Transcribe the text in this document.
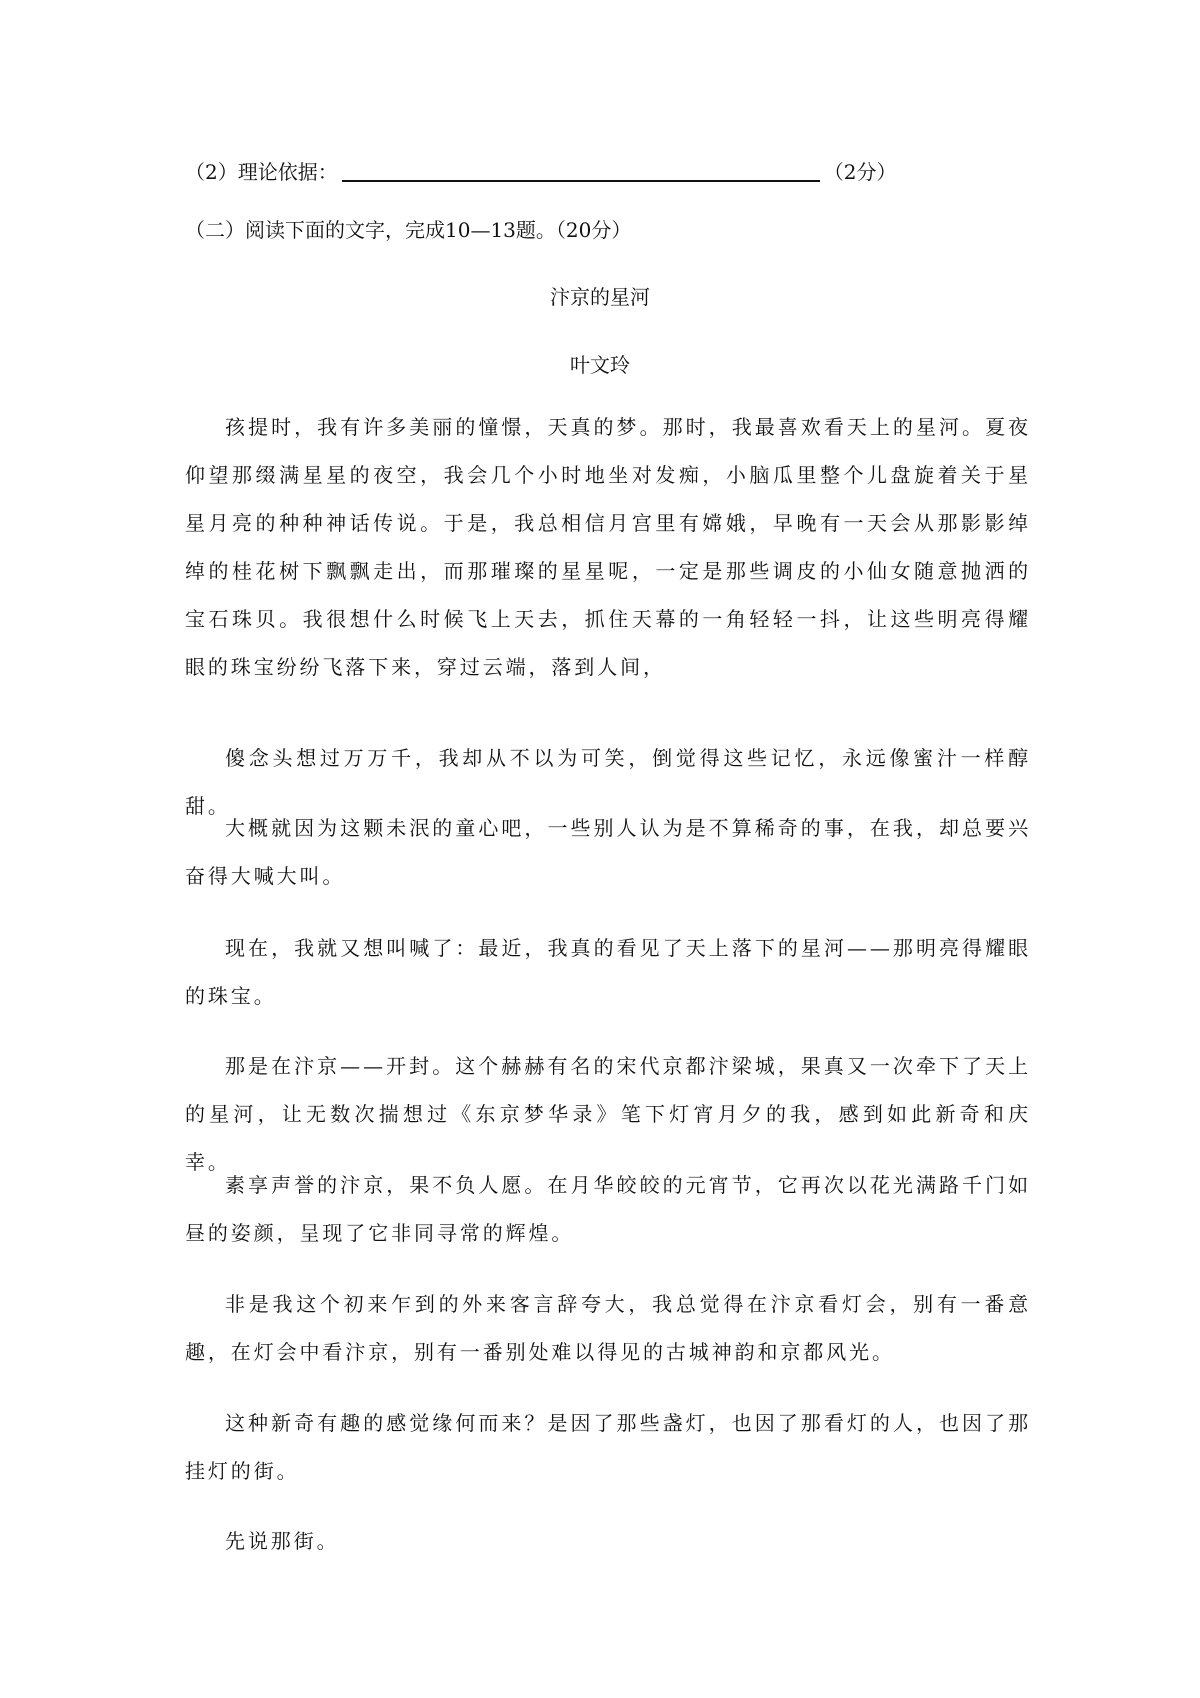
（2）理论依据：	（2分）
（二）阅读下面的文字，完成10—13题。（20分）
汴京的星河
叶文玲

孩提时，我有许多美丽的憧憬，天真的梦。那时，我最喜欢看天上的星河。夏夜仰望那缀满星星的夜空，我会几个小时地坐对发痴，小脑瓜里整个儿盘旋着关于星星月亮的种种神话传说。于是，我总相信月宫里有嫦娥，早晚有一天会从那影影绰绰的桂花树下飘飘走出，而那璀璨的星星呢，一定是那些调皮的小仙女随意抛洒的宝石珠贝。我很想什么时候飞上天去，抓住天幕的一角轻轻一抖，让这些明亮得耀眼的珠宝纷纷飞落下来，穿过云端，落到人间，

傻念头想过万万千，我却从不以为可笑，倒觉得这些记忆，永远像蜜汁一样醇甜。

大概就因为这颗未泯的童心吧，一些别人认为是不算稀奇的事，在我，却总要兴奋得大喊大叫。

现在，我就又想叫喊了：最近，我真的看见了天上落下的星河——那明亮得耀眼的珠宝。

那是在汴京——开封。这个赫赫有名的宋代京都汴梁城，果真又一次牵下了天上的星河，让无数次揣想过《东京梦华录》笔下灯宵月夕的我，感到如此新奇和庆幸。

素享声誉的汴京，果不负人愿。在月华皎皎的元宵节，它再次以花光满路千门如昼的姿颜，呈现了它非同寻常的辉煌。

非是我这个初来乍到的外来客言辞夸大，我总觉得在汴京看灯会，别有一番意趣，在灯会中看汴京，别有一番别处难以得见的古城神韵和京都风光。

这种新奇有趣的感觉缘何而来？是因了那些盏灯，也因了那看灯的人，也因了那挂灯的街。

先说那街。
